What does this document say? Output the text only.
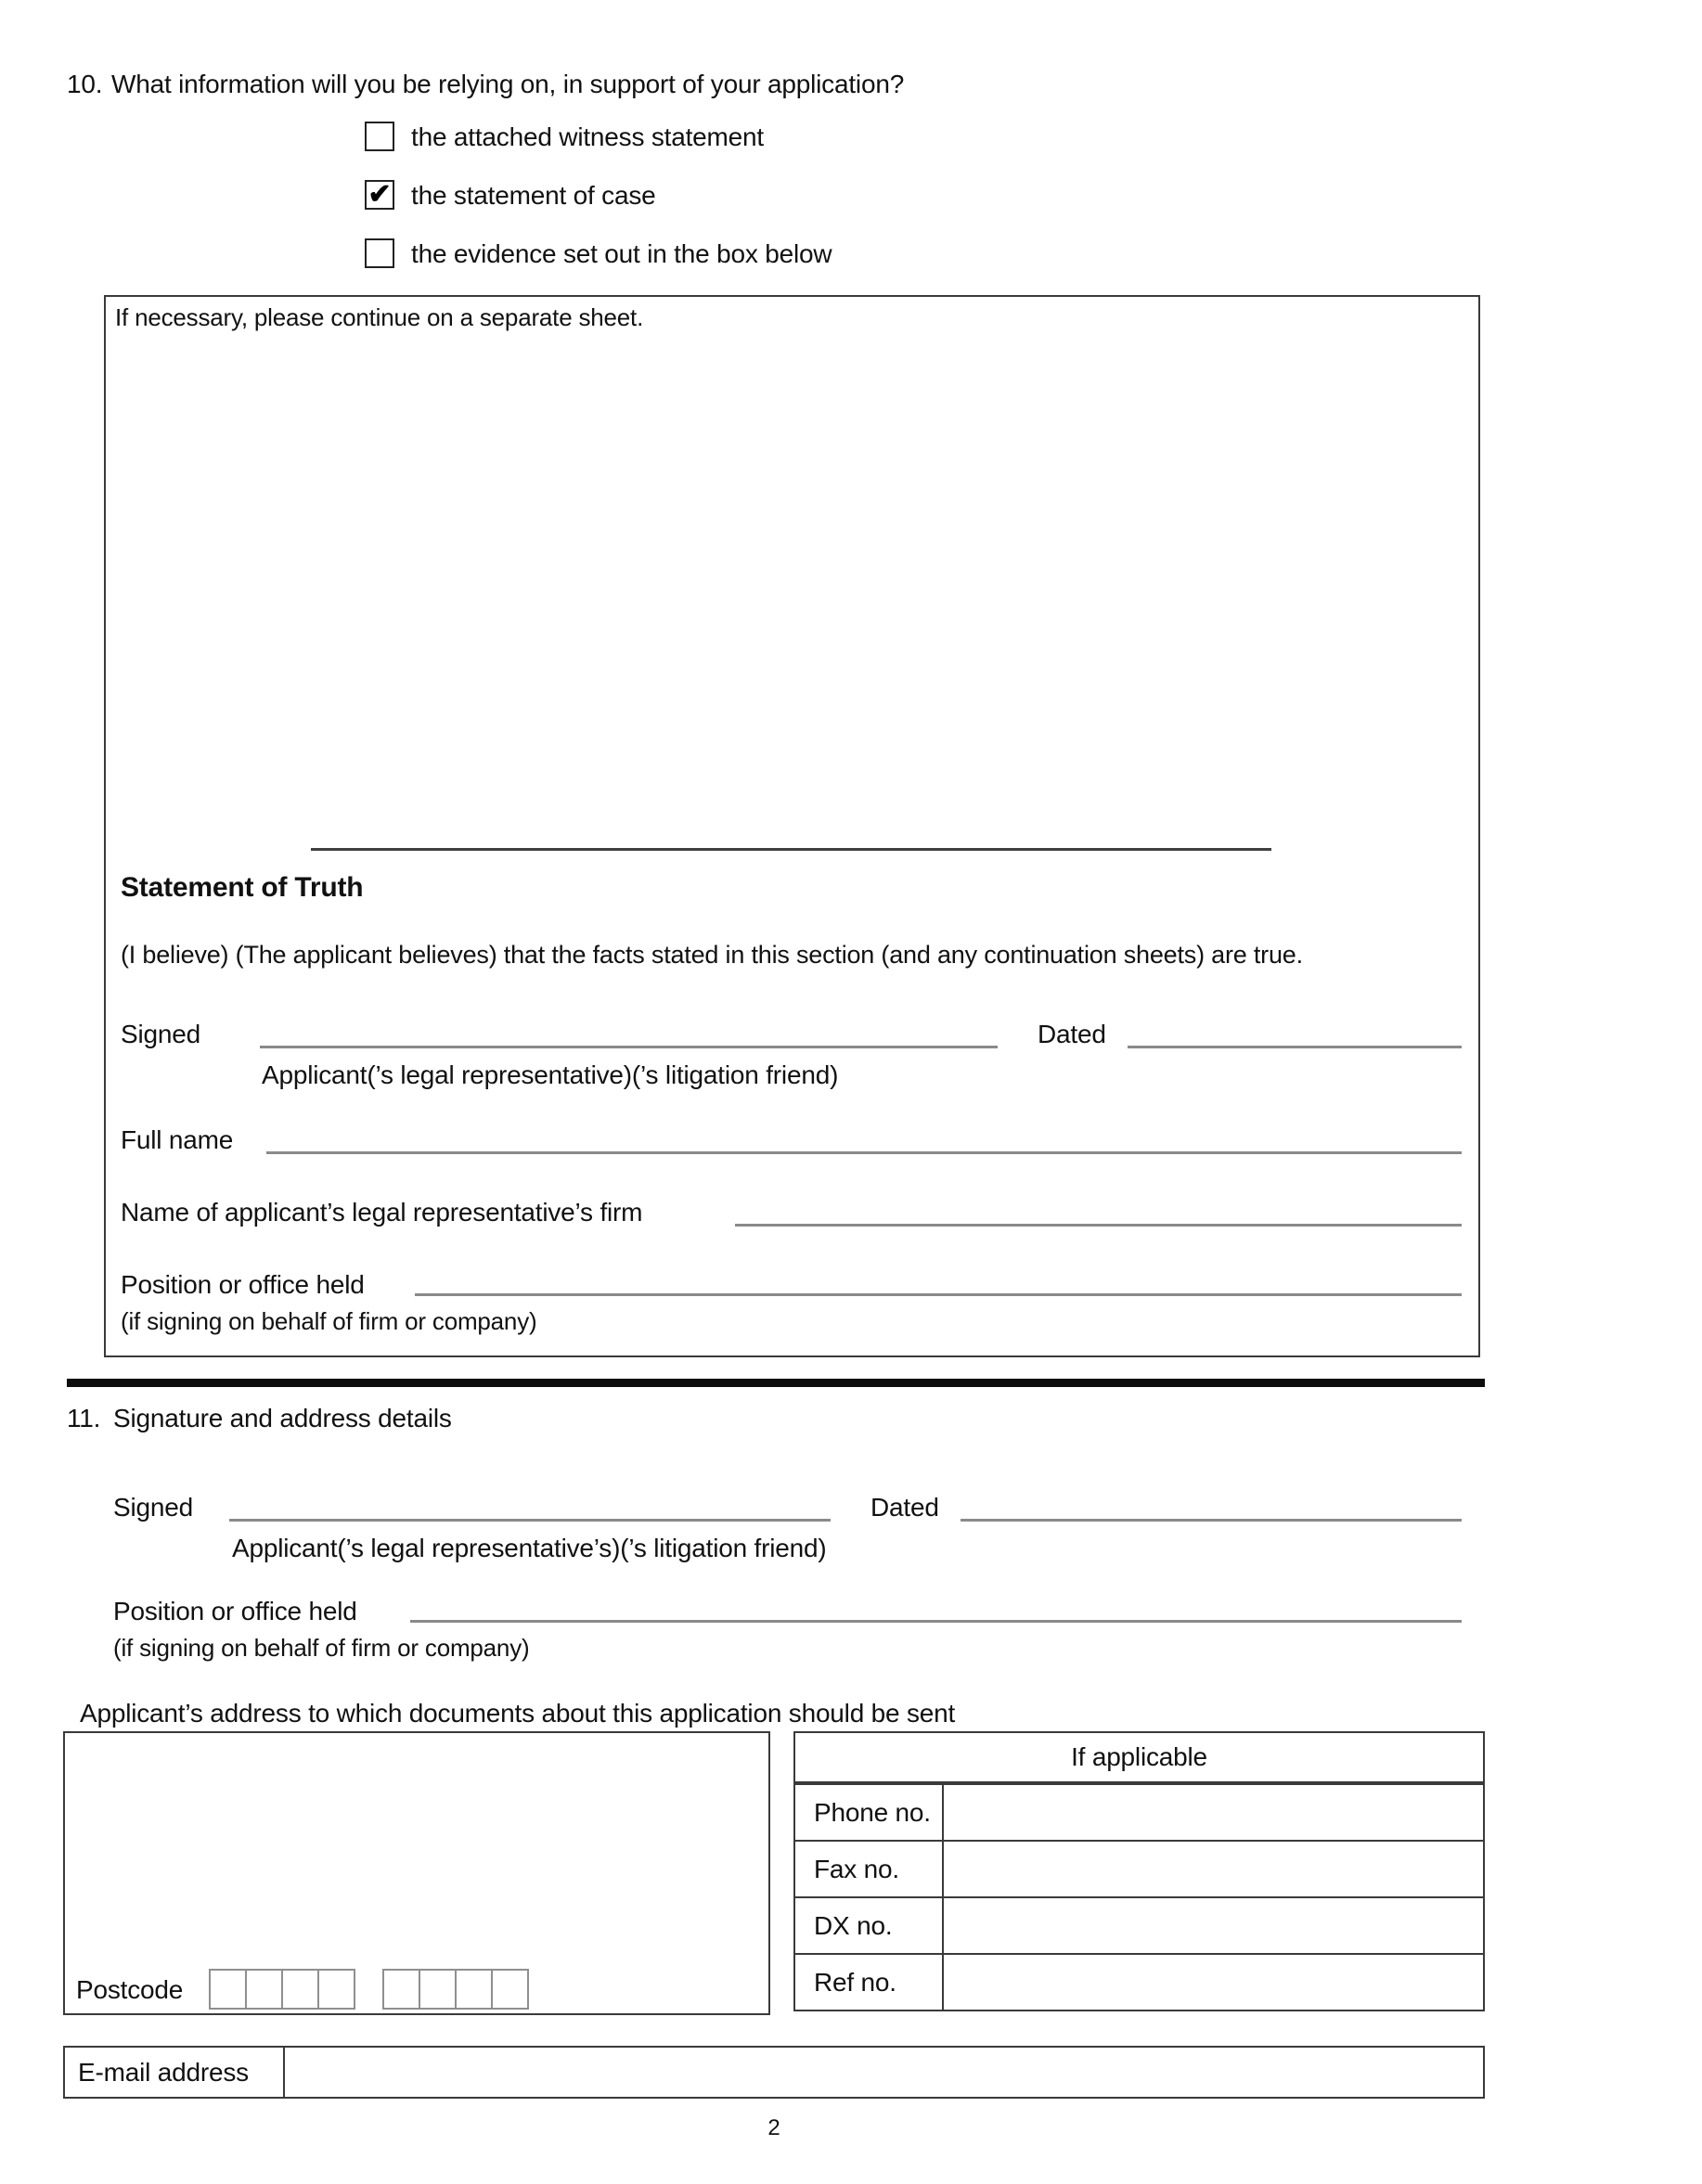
10. What information will you be relying on, in support of your application?
the attached witness statement
✔ the statement of case
the evidence set out in the box below
If necessary, please continue on a separate sheet.
Statement of Truth
(I believe) (The applicant believes) that the facts stated in this section (and any continuation sheets) are true.
Signed	Dated
Applicant(’s legal representative)(’s litigation friend)
Full name
Name of applicant’s legal representative’s firm
Position or office held
(if signing on behalf of firm or company)
11. Signature and address details
Signed	Dated
Applicant(’s legal representative’s)(’s litigation friend)
Position or office held
(if signing on behalf of firm or company)
Applicant’s address to which documents about this application should be sent
Postcode
If applicable
Phone no.
Fax no.
DX no.
Ref no.
E-mail address
2
